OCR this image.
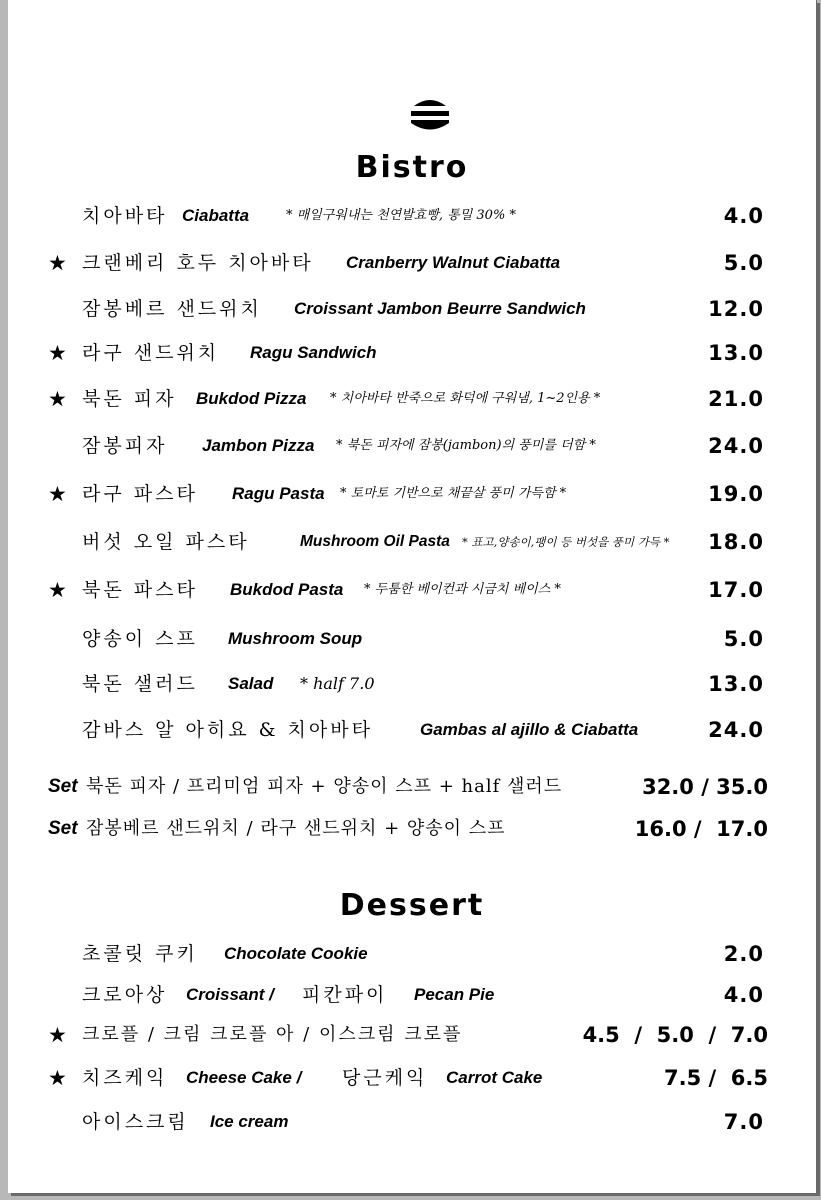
Bistro
치아바타 Ciabatta	* 매일구워내는 천연발효빵, 통밀 30% *	4.0
★ 크랜베리 호두 치아바타 Cranberry Walnut Ciabatta	5.0
잠봉베르 샌드위치 Croissant Jambon Beurre Sandwich	12.0
★ 라구 샌드위치 Ragu Sandwich	13.0
★ 북돈 피자 Bukdod Pizza * 치아바타 반죽으로 화덕에 구워냄, 1~2인용 *	21.0
잠봉피자 Jambon Pizza * 북돈 피자에 잠봉(jambon)의 풍미를 더함 *	24.0
★ 라구 파스타 Ragu Pasta * 토마토 기반으로 채끝살 풍미 가득함 *	19.0
버섯 오일 파스타	Mushroom Oil Pasta * 표고,양송이,팽이 등 버섯을 풍미 가득 * 18.0
★ 북돈 파스타 Bukdod Pasta * 두툼한 베이컨과 시금치 베이스 *	17.0
양송이 스프 Mushroom Soup	5.0
북돈 샐러드 Salad * half 7.0	13.0
감바스 알 아히요 & 치아바타	Gambas al ajillo & Ciabatta	24.0
Set 북돈 피자 / 프리미엄 피자 + 양송이 스프 + half 샐러드	32.0 / 35.0
Set 잠봉베르 샌드위치 / 라구 샌드위치 + 양송이 스프	16.0 /  17.0
Dessert
초콜릿 쿠키 Chocolate Cookie	2.0
크로아상 Croissant / 피칸파이 Pecan Pie	4.0
★ 크로플 / 크림 크로플 아 / 이스크림 크로플	4.5  /  5.0  /  7.0
★ 치즈케익 Cheese Cake / 당근케익 Carrot Cake	7.5 /  6.5
아이스크림 Ice cream	7.0
